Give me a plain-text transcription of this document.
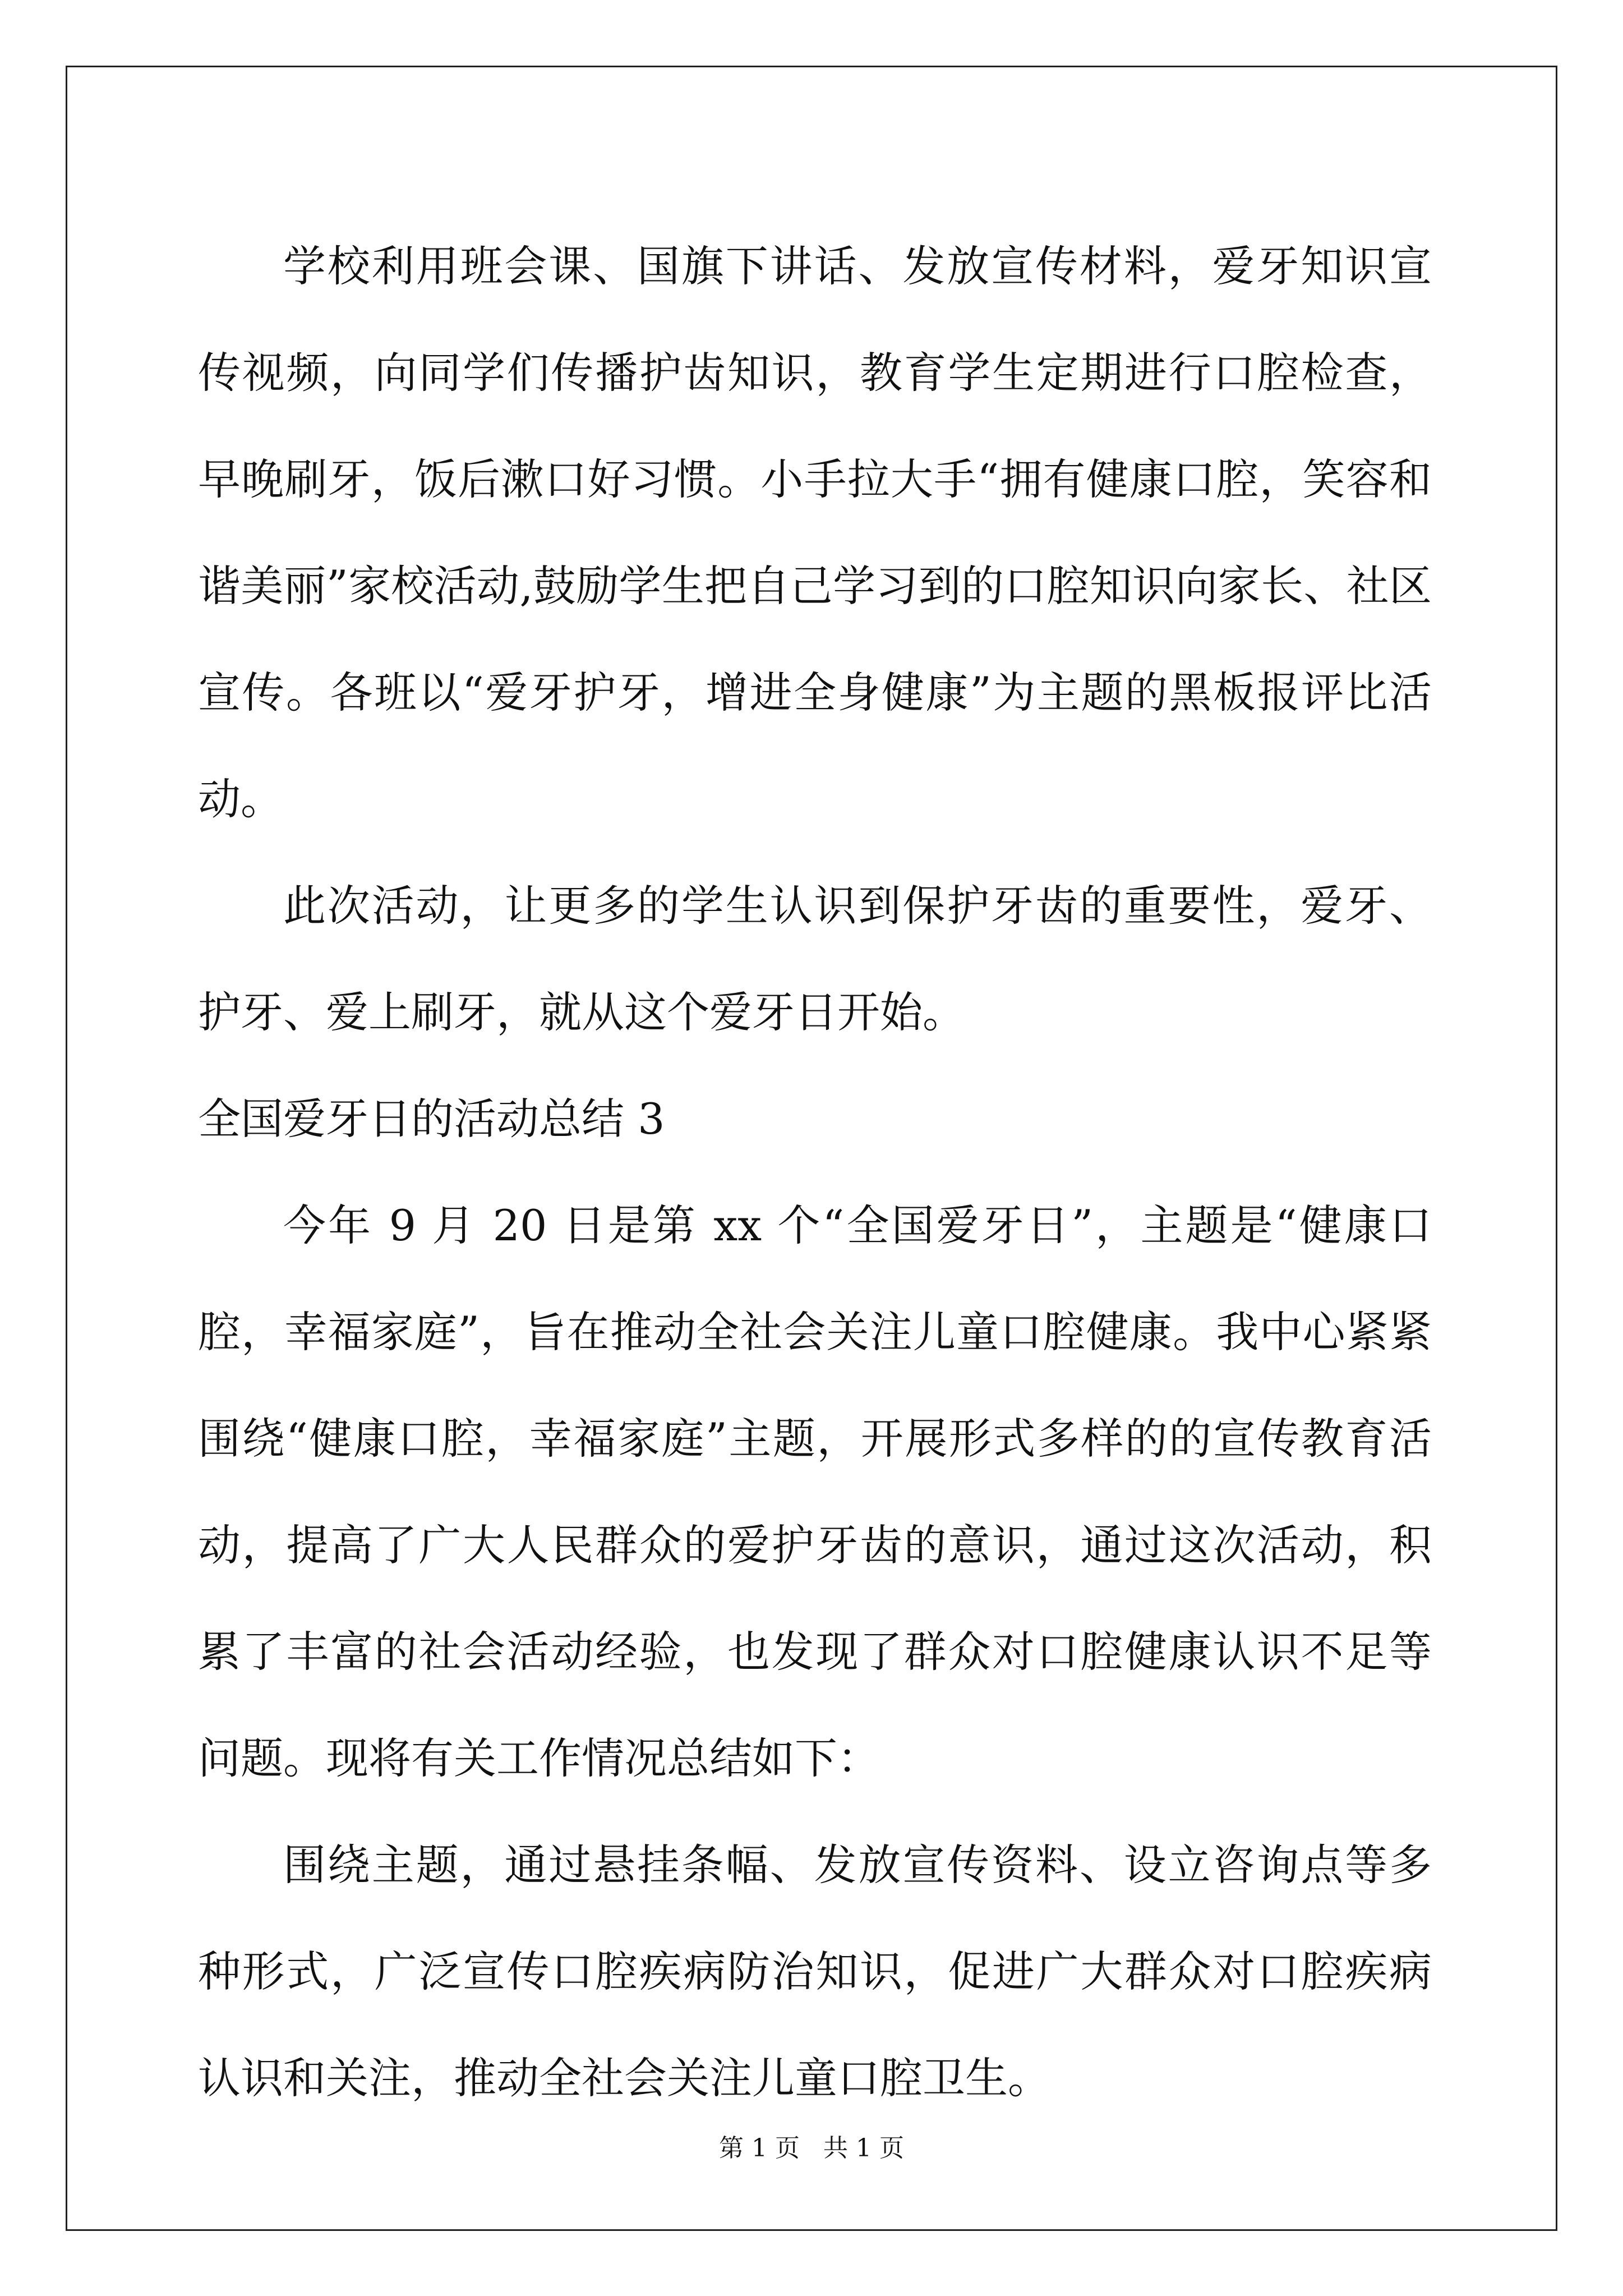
学校利用班会课、国旗下讲话、发放宣传材料，爱牙知识宣传视频，向同学们传播护齿知识，教育学生定期进行口腔检查，早晚刷牙，饭后漱口好习惯。小手拉大手“拥有健康口腔，笑容和谐美丽”家校活动,鼓励学生把自己学习到的口腔知识向家长、社区宣传。各班以“爱牙护牙，增进全身健康”为主题的黑板报评比活动。

此次活动，让更多的学生认识到保护牙齿的重要性，爱牙、护牙、爱上刷牙，就从这个爱牙日开始。

全国爱牙日的活动总结 3

今年 9 月 20 日是第 xx 个“全国爱牙日”，主题是“健康口腔，幸福家庭”，旨在推动全社会关注儿童口腔健康。我中心紧紧围绕“健康口腔，幸福家庭”主题，开展形式多样的的宣传教育活动，提高了广大人民群众的爱护牙齿的意识，通过这次活动，积累了丰富的社会活动经验，也发现了群众对口腔健康认识不足等问题。现将有关工作情况总结如下：

围绕主题，通过悬挂条幅、发放宣传资料、设立咨询点等多种形式，广泛宣传口腔疾病防治知识，促进广大群众对口腔疾病认识和关注，推动全社会关注儿童口腔卫生。

第 1 页 共 1 页
